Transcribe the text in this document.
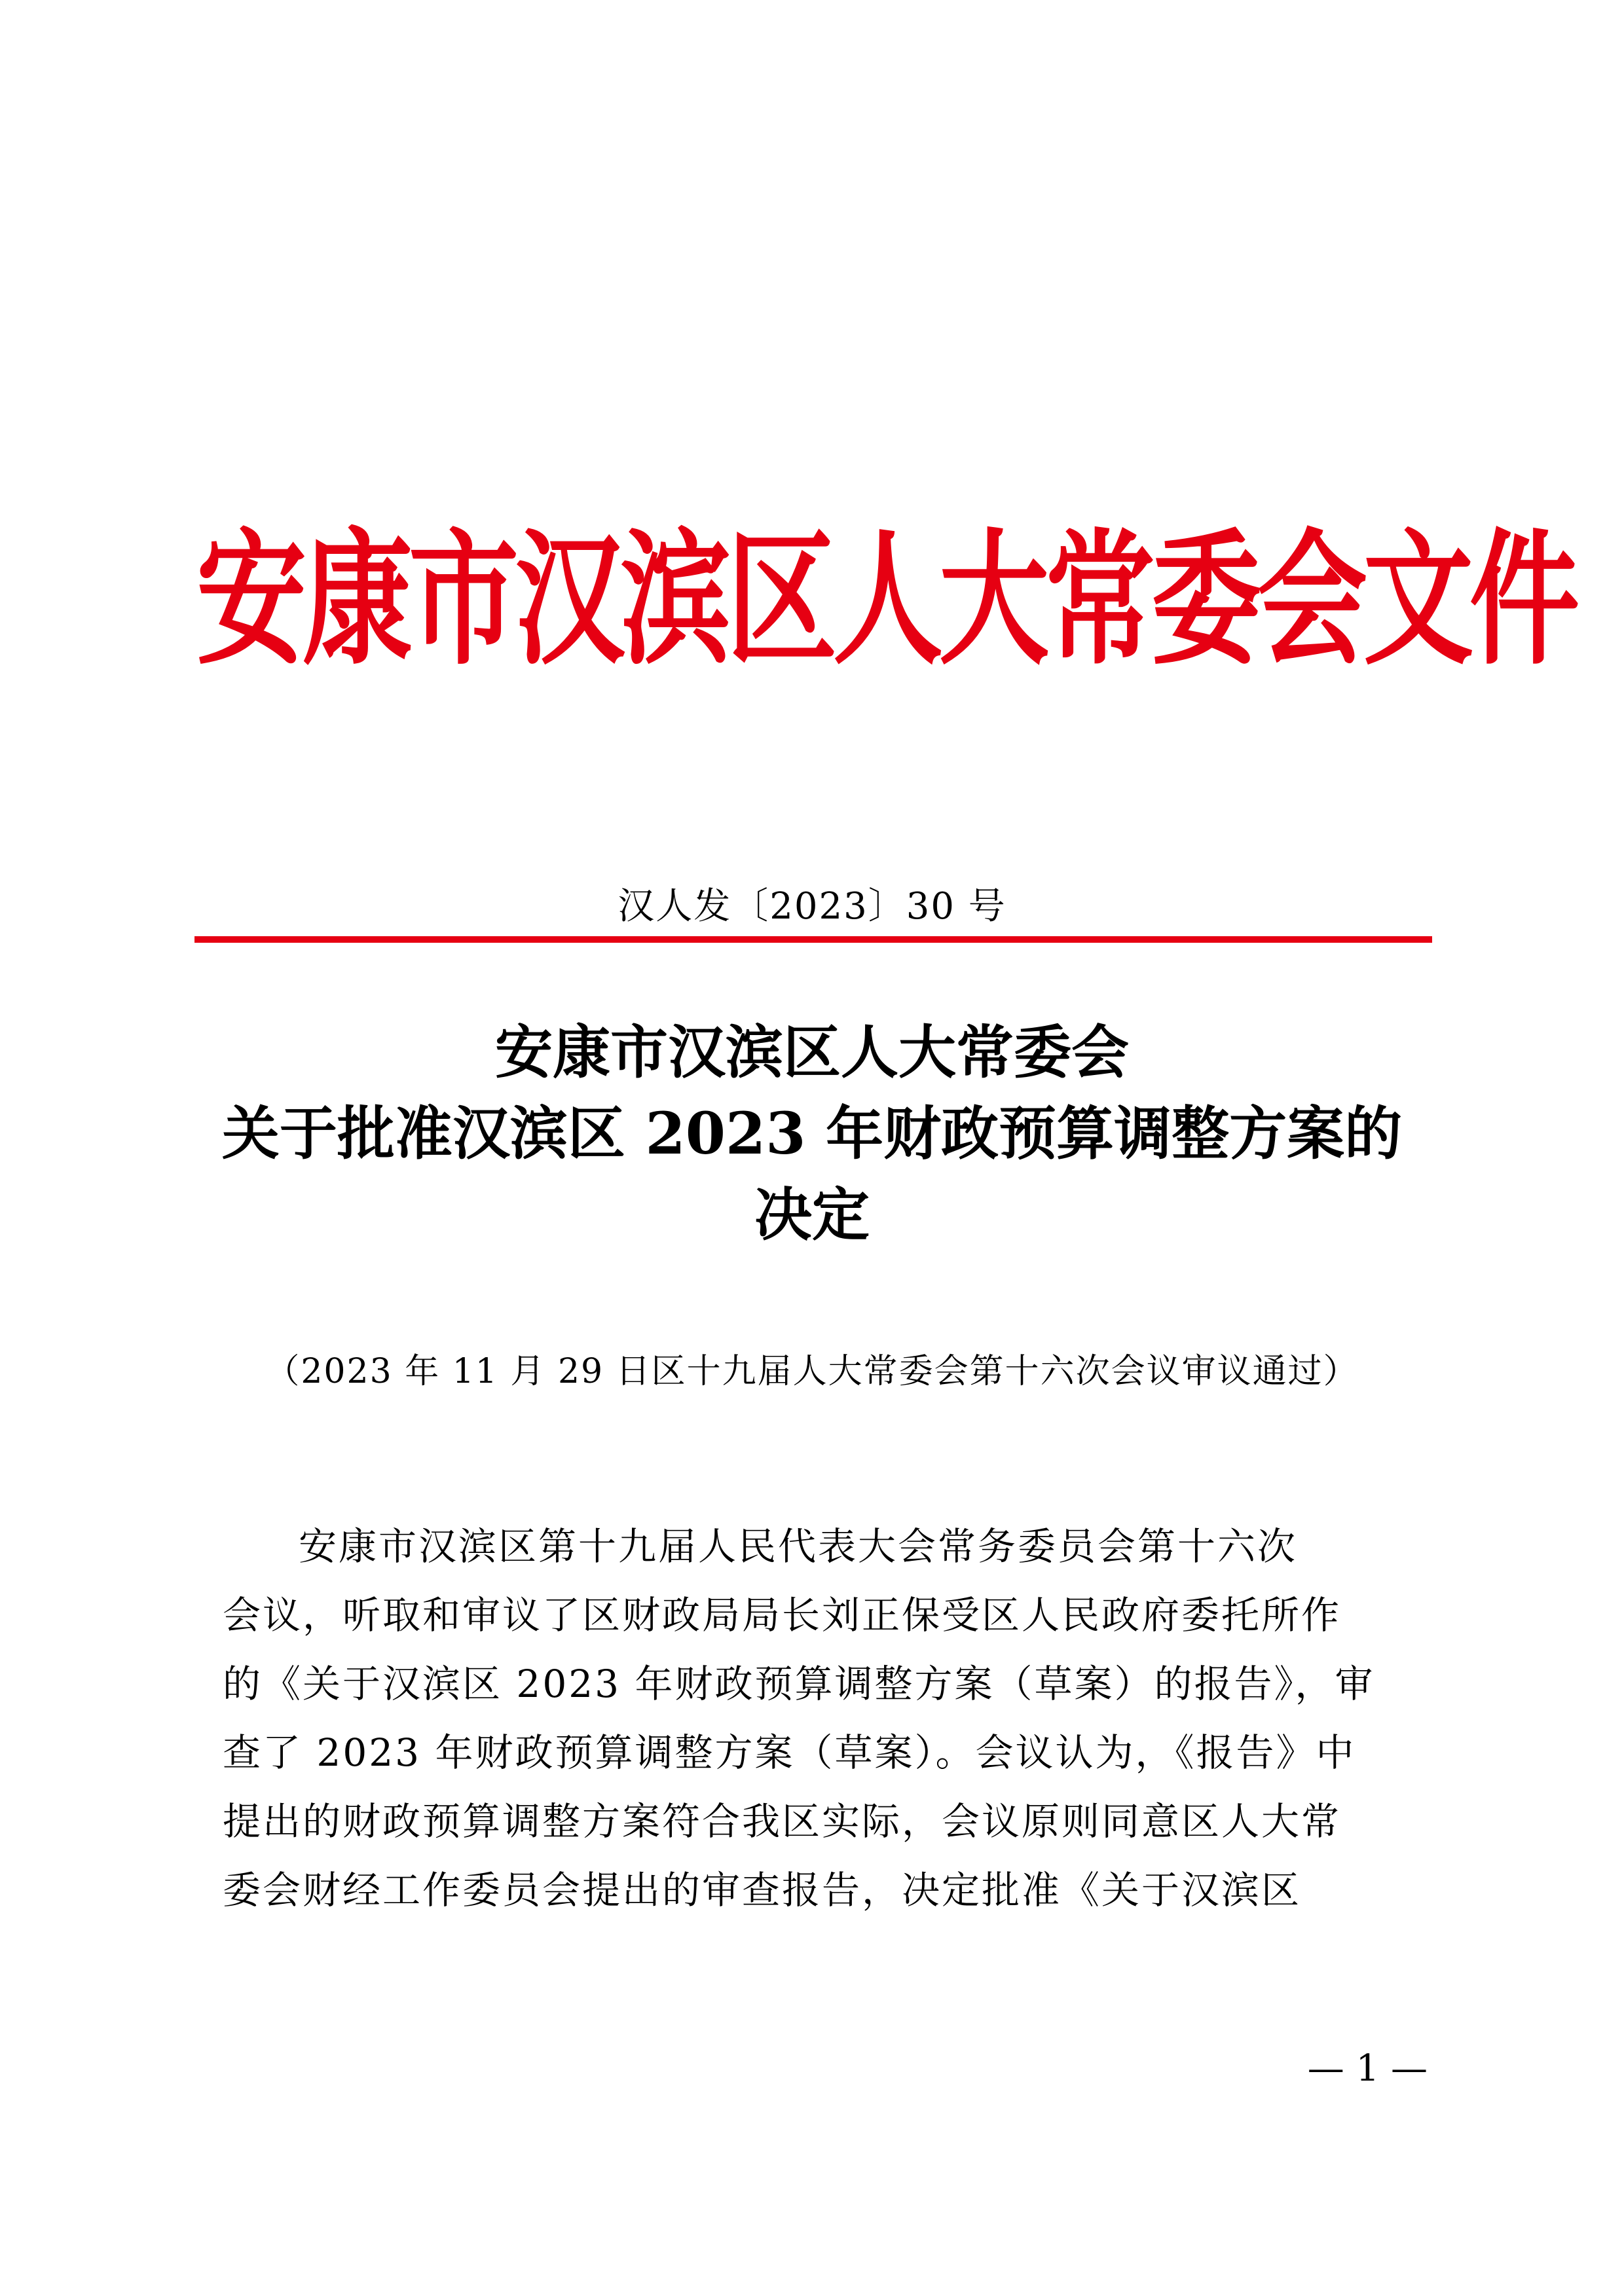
安康市汉滨区人大常委会文件
汉人发〔2023〕30 号
安康市汉滨区人大常委会
关于批准汉滨区 2023 年财政预算调整方案的
决定
（2023 年 11 月 29 日区十九届人大常委会第十六次会议审议通过）
安康市汉滨区第十九届人民代表大会常务委员会第十六次
会议，听取和审议了区财政局局长刘正保受区人民政府委托所作
的《关于汉滨区 2023 年财政预算调整方案（草案）的报告》，审
查了 2023 年财政预算调整方案（草案）。会议认为，《报告》中
提出的财政预算调整方案符合我区实际，会议原则同意区人大常
委会财经工作委员会提出的审查报告，决定批准《关于汉滨区
— 1 —
